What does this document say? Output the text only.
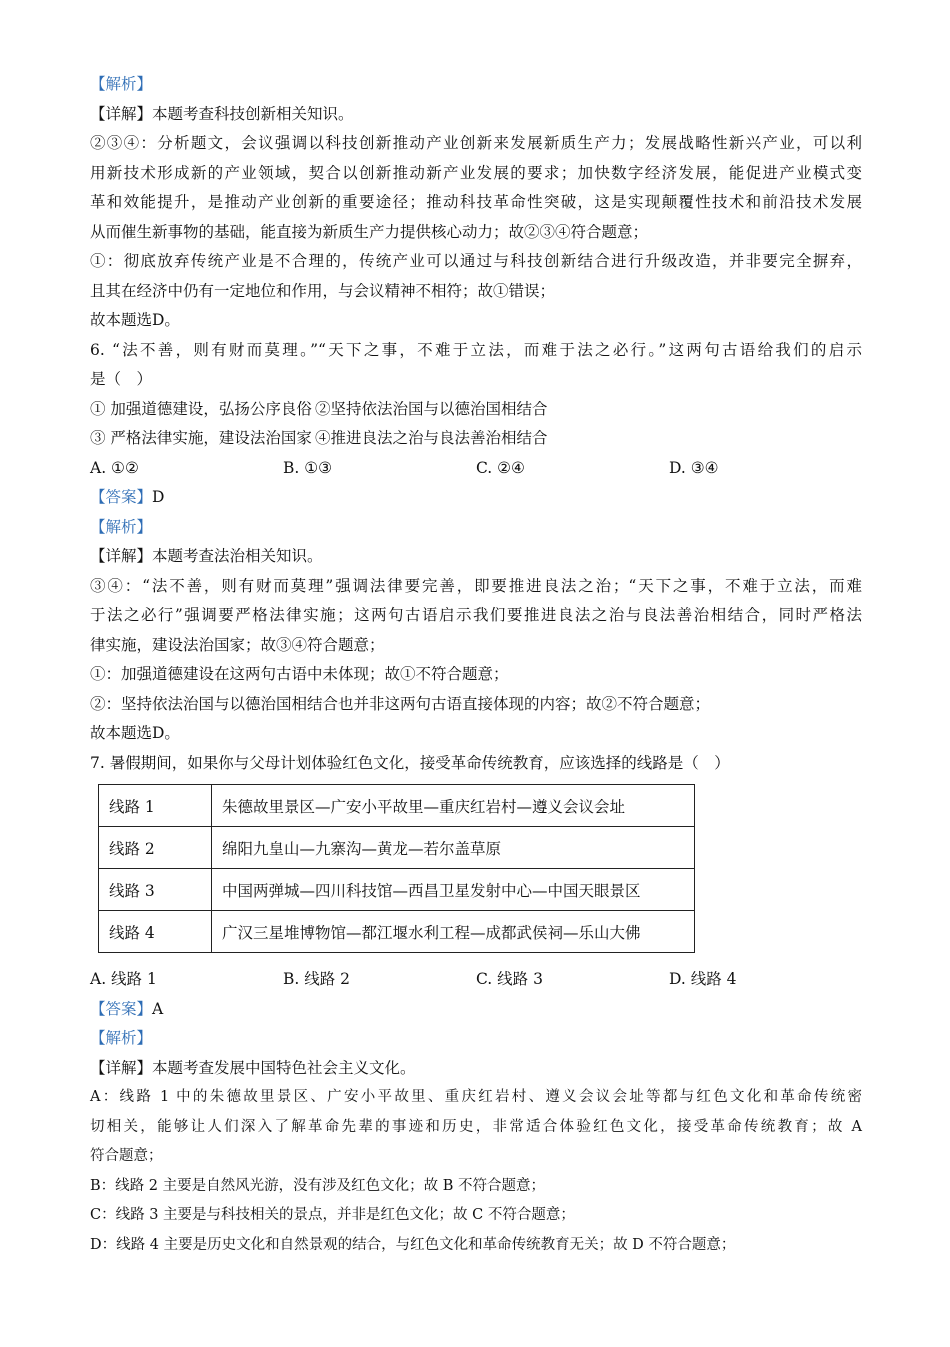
【解析】
【详解】本题考查科技创新相关知识。
②③④：分析题文，会议强调以科技创新推动产业创新来发展新质生产力；发展战略性新兴产业，可以利
用新技术形成新的产业领域，契合以创新推动新产业发展的要求；加快数字经济发展，能促进产业模式变
革和效能提升，是推动产业创新的重要途径；推动科技革命性突破，这是实现颠覆性技术和前沿技术发展
从而催生新事物的基础，能直接为新质生产力提供核心动力；故②③④符合题意；
①：彻底放弃传统产业是不合理的，传统产业可以通过与科技创新结合进行升级改造，并非要完全摒弃，
且其在经济中仍有一定地位和作用，与会议精神不相符；故①错误；
故本题选D。
6. “法不善，则有财而莫理。”“天下之事，不难于立法，而难于法之必行。”这两句古语给我们的启示
是（　）
① 加强道德建设，弘扬公序良俗 ②坚持依法治国与以德治国相结合
③ 严格法律实施，建设法治国家 ④推进良法之治与良法善治相结合
A. ①②	B. ①③	C. ②④	D. ③④
【答案】D
【解析】
【详解】本题考查法治相关知识。
③④：“法不善，则有财而莫理”强调法律要完善，即要推进良法之治；“天下之事，不难于立法，而难
于法之必行”强调要严格法律实施；这两句古语启示我们要推进良法之治与良法善治相结合，同时严格法
律实施，建设法治国家；故③④符合题意；
①：加强道德建设在这两句古语中未体现；故①不符合题意；
②：坚持依法治国与以德治国相结合也并非这两句古语直接体现的内容；故②不符合题意；
故本题选D。
7. 暑假期间，如果你与父母计划体验红色文化，接受革命传统教育，应该选择的线路是（　）
线路 1	朱德故里景区—广安小平故里—重庆红岩村—遵义会议会址
线路 2	绵阳九皇山—九寨沟—黄龙—若尔盖草原
线路 3	中国两弹城—四川科技馆—西昌卫星发射中心—中国天眼景区
线路 4	广汉三星堆博物馆—都江堰水利工程—成都武侯祠—乐山大佛
A. 线路 1	B. 线路 2	C. 线路 3	D. 线路 4
【答案】A
【解析】
【详解】本题考查发展中国特色社会主义文化。
A：线路 1 中的朱德故里景区、广安小平故里、重庆红岩村、遵义会议会址等都与红色文化和革命传统密
切相关，能够让人们深入了解革命先辈的事迹和历史，非常适合体验红色文化，接受革命传统教育；故 A
符合题意；
B：线路 2 主要是自然风光游，没有涉及红色文化；故 B 不符合题意；
C：线路 3 主要是与科技相关的景点，并非是红色文化；故 C 不符合题意；
D：线路 4 主要是历史文化和自然景观的结合，与红色文化和革命传统教育无关；故 D 不符合题意；
